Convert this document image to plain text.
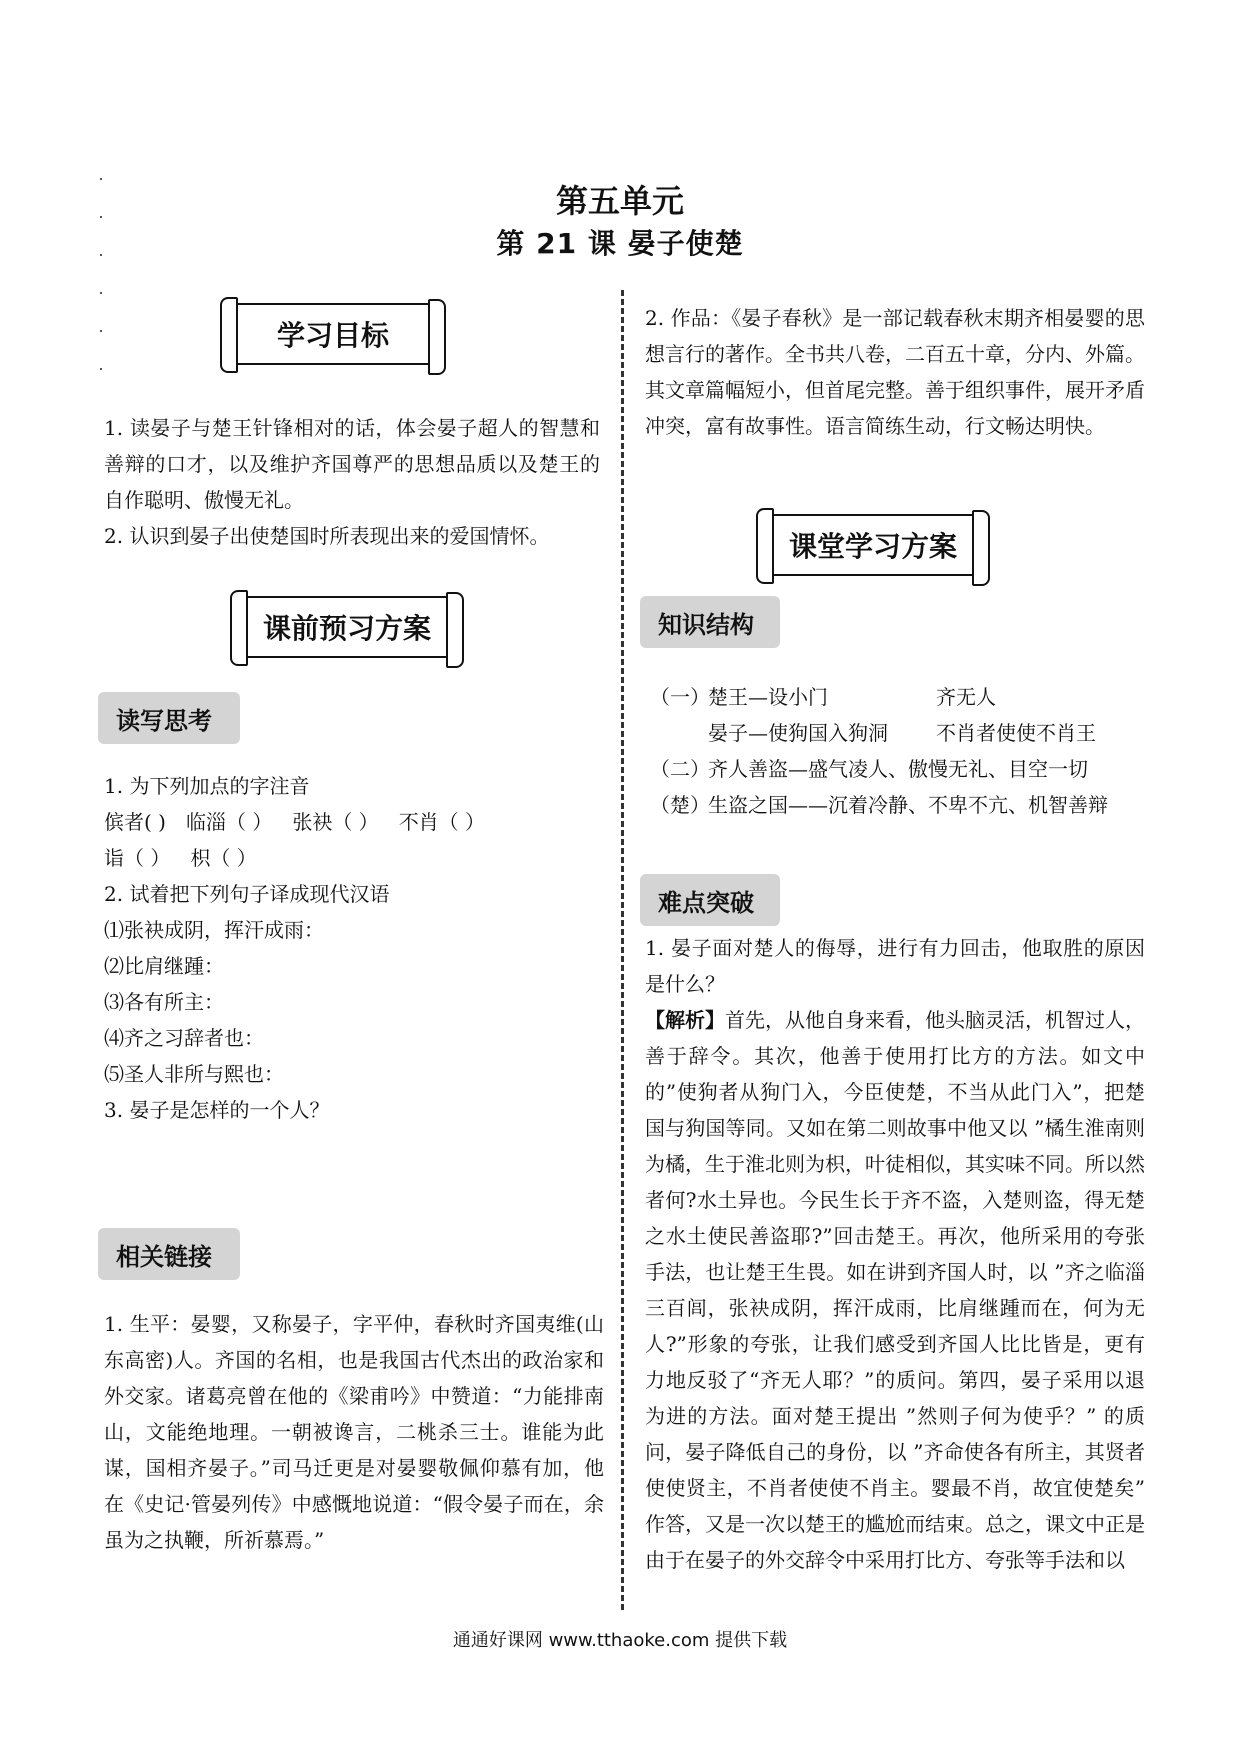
第五单元
第 21 课 晏子使楚
学习目标

1. 读晏子与楚王针锋相对的话，体会晏子超人的智慧和善辩的口才，以及维护齐国尊严的思想品质以及楚王的自作聪明、傲慢无礼。

2. 认识到晏子出使楚国时所表现出来的爱国情怀。

课前预习方案
读写思考

1. 为下列加点的字注音

傧者( ) 临淄（ ） 张袂（ ） 不肖（ ）
诣（ ） 枳（ ）

2. 试着把下列句子译成现代汉语

⑴张袂成阴，挥汗成雨：

⑵比肩继踵：

⑶各有所主：

⑷齐之习辞者也：

⑸圣人非所与熙也：

3. 晏子是怎样的一个人？

相关链接
1. 生平：晏婴，又称晏子，字平仲，春秋时齐国夷维(山东高密)人。齐国的名相，也是我国古代杰出的政治家和外交家。诸葛亮曾在他的《梁甫吟》中赞道：“力能排南山，文能绝地理。一朝被谗言，二桃杀三士。谁能为此谋，国相齐晏子。”司马迁更是对晏婴敬佩仰慕有加，他在《史记·管晏列传》中感慨地说道：“假令晏子而在，余虽为之执鞭，所祈慕焉。”
2. 作品：《晏子春秋》是一部记载春秋末期齐相晏婴的思想言行的著作。全书共八卷，二百五十章，分内、外篇。其文章篇幅短小，但首尾完整。善于组织事件，展开矛盾冲突，富有故事性。语言简练生动，行文畅达明快。
课堂学习方案
知识结构
（一）
楚王—设小门	齐无人
晏子—使狗国入狗洞	不肖者使使不肖王
（二）
齐人善盗—盛气凌人、傲慢无礼、目空一切
（楚）
生盗之国——沉着冷静、不卑不亢、机智善辩
难点突破

1. 晏子面对楚人的侮辱，进行有力回击，他取胜的原因是什么？

【解析】首先，从他自身来看，他头脑灵活，机智过人，善于辞令。其次，他善于使用打比方的方法。如文中的”使狗者从狗门入，今臣使楚，不当从此门入”，把楚国与狗国等同。又如在第二则故事中他又以 ”橘生淮南则为橘，生于淮北则为枳，叶徒相似，其实味不同。所以然者何?水土异也。今民生长于齐不盗，入楚则盗，得无楚之水土使民善盗耶?”回击楚王。再次，他所采用的夸张手法，也让楚王生畏。如在讲到齐国人时，以 ”齐之临淄三百闾，张袂成阴，挥汗成雨，比肩继踵而在，何为无人?”形象的夸张，让我们感受到齐国人比比皆是，更有力地反驳了“齐无人耶？”的质问。第四，晏子采用以退为进的方法。面对楚王提出 ”然则子何为使乎？” 的质问，晏子降低自己的身份，以 ”齐命使各有所主，其贤者使使贤主，不肖者使使不肖主。婴最不肖，故宜使楚矣” 作答，又是一次以楚王的尴尬而结束。总之，课文中正是由于在晏子的外交辞令中采用打比方、夸张等手法和以

通通好课网 www.tthaoke.com 提供下载
